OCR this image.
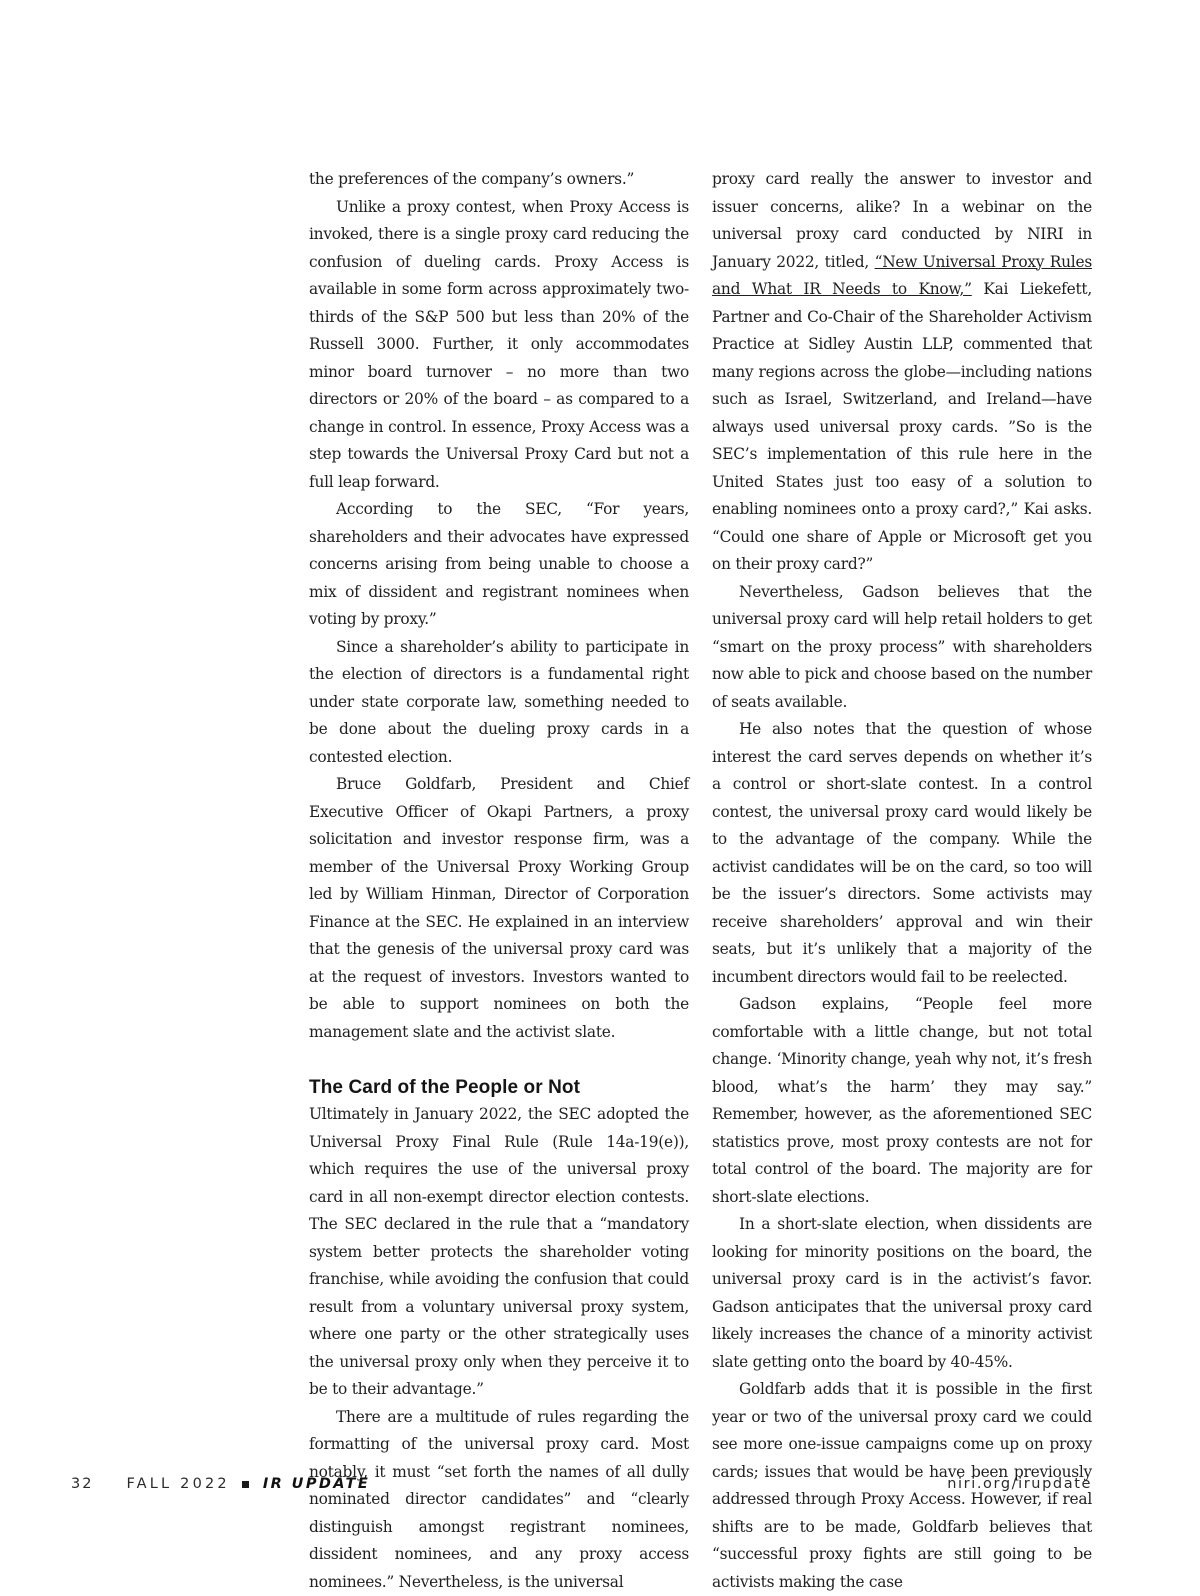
the preferences of the company’s owners.”

Unlike a proxy contest, when Proxy Access is invoked, there is a single proxy card reducing the confusion of dueling cards. Proxy Access is available in some form across approximately two-thirds of the S&P 500 but less than 20% of the Russell 3000. Further, it only accommodates minor board turnover – no more than two directors or 20% of the board – as compared to a change in control. In essence, Proxy Access was a step towards the Universal Proxy Card but not a full leap forward.

According to the SEC, “For years, shareholders and their advocates have expressed concerns arising from being unable to choose a mix of dissident and registrant nominees when voting by proxy.”

Since a shareholder’s ability to participate in the election of directors is a fundamental right under state corporate law, something needed to be done about the dueling proxy cards in a contested election.

Bruce Goldfarb, President and Chief Executive Officer of Okapi Partners, a proxy solicitation and investor response firm, was a member of the Universal Proxy Working Group led by William Hinman, Director of Corporation Finance at the SEC. He explained in an interview that the genesis of the universal proxy card was at the request of investors. Investors wanted to be able to support nominees on both the management slate and the activist slate.

The Card of the People or Not

Ultimately in January 2022, the SEC adopted the Universal Proxy Final Rule (Rule 14a-19(e)), which requires the use of the universal proxy card in all non-exempt director election contests. The SEC declared in the rule that a “mandatory system better protects the shareholder voting franchise, while avoiding the confusion that could result from a voluntary universal proxy system, where one party or the other strategically uses the universal proxy only when they perceive it to be to their advantage.”

There are a multitude of rules regarding the formatting of the universal proxy card. Most notably, it must “set forth the names of all dully nominated director candidates” and “clearly distinguish amongst registrant nominees, dissident nominees, and any proxy access nominees.” Nevertheless, is the universal

proxy card really the answer to investor and issuer concerns, alike? In a webinar on the universal proxy card conducted by NIRI in January 2022, titled, “New Universal Proxy Rules and What IR Needs to Know,” Kai Liekefett, Partner and Co-Chair of the Shareholder Activism Practice at Sidley Austin LLP, commented that many regions across the globe—including nations such as Israel, Switzerland, and Ireland—have always used universal proxy cards. ”So is the SEC’s implementation of this rule here in the United States just too easy of a solution to enabling nominees onto a proxy card?,” Kai asks. “Could one share of Apple or Microsoft get you on their proxy card?”

Nevertheless, Gadson believes that the universal proxy card will help retail holders to get “smart on the proxy process” with shareholders now able to pick and choose based on the number of seats available.

He also notes that the question of whose interest the card serves depends on whether it’s a control or short-slate contest. In a control contest, the universal proxy card would likely be to the advantage of the company. While the activist candidates will be on the card, so too will be the issuer’s directors. Some activists may receive shareholders’ approval and win their seats, but it’s unlikely that a majority of the incumbent directors would fail to be reelected.

Gadson explains, “People feel more comfortable with a little change, but not total change. ‘Minority change, yeah why not, it’s fresh blood, what’s the harm’ they may say.” Remember, however, as the aforementioned SEC statistics prove, most proxy contests are not for total control of the board. The majority are for short-slate elections.

In a short-slate election, when dissidents are looking for minority positions on the board, the universal proxy card is in the activist’s favor. Gadson anticipates that the universal proxy card likely increases the chance of a minority activist slate getting onto the board by 40-45%.

Goldfarb adds that it is possible in the first year or two of the universal proxy card we could see more one-issue campaigns come up on proxy cards; issues that would be have been previously addressed through Proxy Access. However, if real shifts are to be made, Goldfarb believes that “successful proxy fights are still going to be activists making the case

32 FALL 2022 IR UPDATE	niri.org/irupdate
